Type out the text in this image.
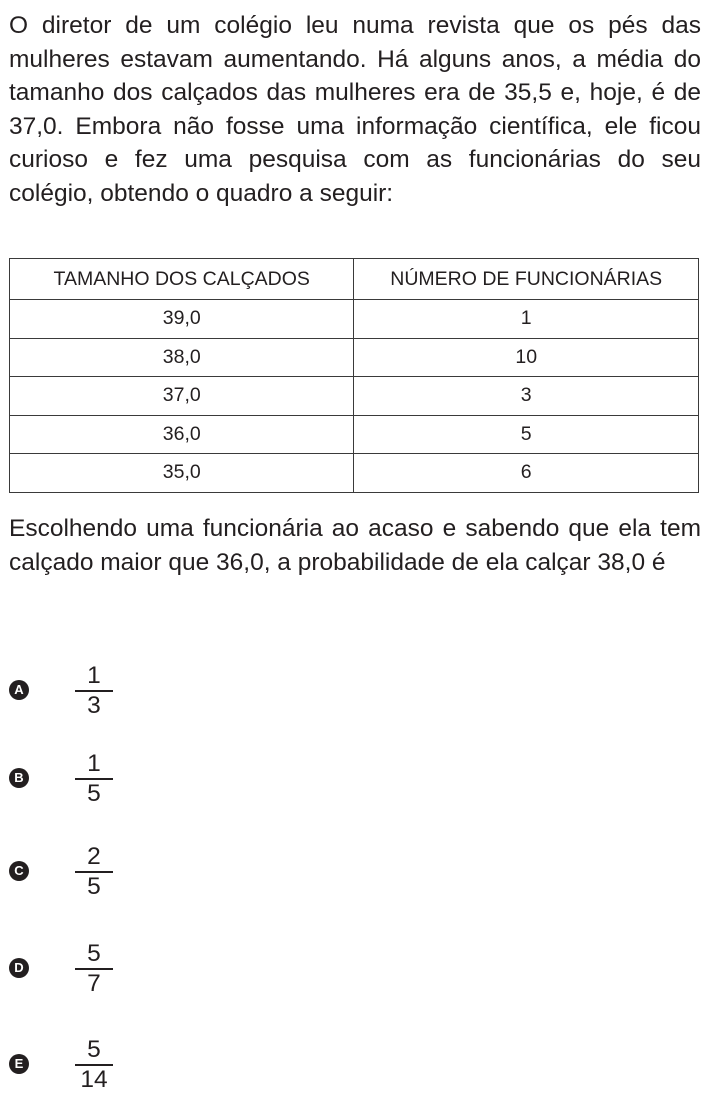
O diretor de um colégio leu numa revista que os pés das mulheres estavam aumentando. Há alguns anos, a média do tamanho dos calçados das mulheres era de 35,5 e, hoje, é de 37,0. Embora não fosse uma informação científica, ele ficou curioso e fez uma pesquisa com as funcionárias do seu colégio, obtendo o quadro a seguir:

TAMANHO DOS CALÇADOS	NÚMERO DE FUNCIONÁRIAS
39,0	1
38,0	10
37,0	3
36,0	5
35,0	6

Escolhendo uma funcionária ao acaso e sabendo que ela tem calçado maior que 36,0, a probabilidade de ela calçar 38,0 é

A
1
3
B
1
5
C
2
5
D
5
7
E
5
14
